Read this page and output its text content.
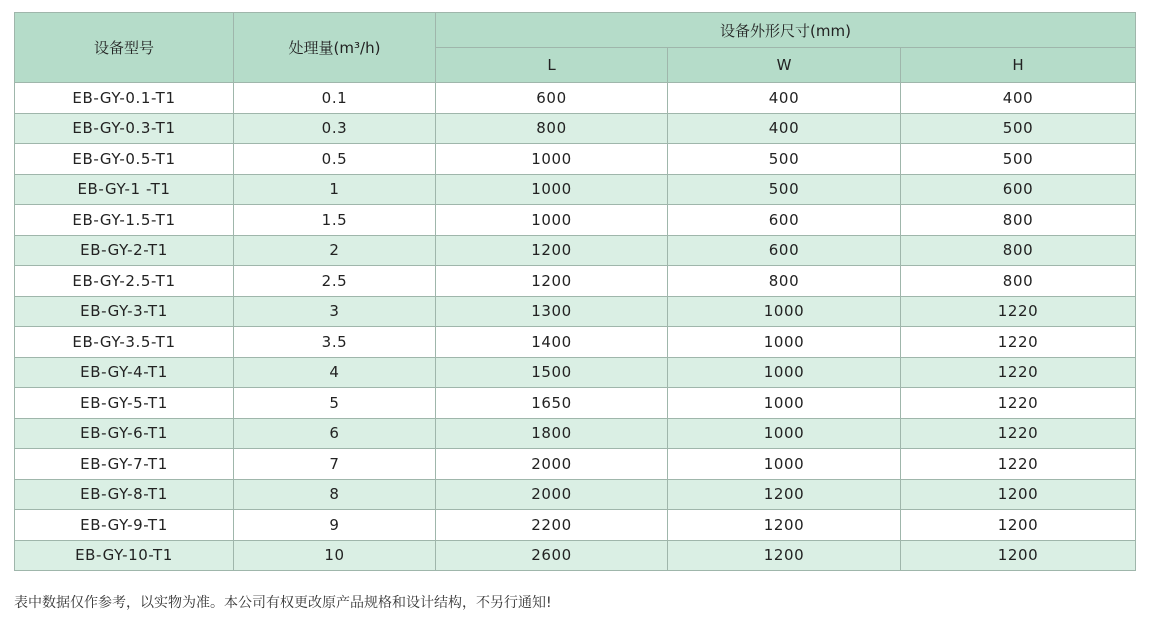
设备型号	处理量(m³/h)	设备外形尺寸(mm)		
		L	W	H
EB-GY-0.1-T1	0.1	600	400	400
EB-GY-0.3-T1	0.3	800	400	500
EB-GY-0.5-T1	0.5	1000	500	500
EB-GY-1 -T1	1	1000	500	600
EB-GY-1.5-T1	1.5	1000	600	800
EB-GY-2-T1	2	1200	600	800
EB-GY-2.5-T1	2.5	1200	800	800
EB-GY-3-T1	3	1300	1000	1220
EB-GY-3.5-T1	3.5	1400	1000	1220
EB-GY-4-T1	4	1500	1000	1220
EB-GY-5-T1	5	1650	1000	1220
EB-GY-6-T1	6	1800	1000	1220
EB-GY-7-T1	7	2000	1000	1220
EB-GY-8-T1	8	2000	1200	1200
EB-GY-9-T1	9	2200	1200	1200
EB-GY-10-T1	10	2600	1200	1200
表中数据仅作参考，以实物为准。本公司有权更改原产品规格和设计结构，不另行通知!
